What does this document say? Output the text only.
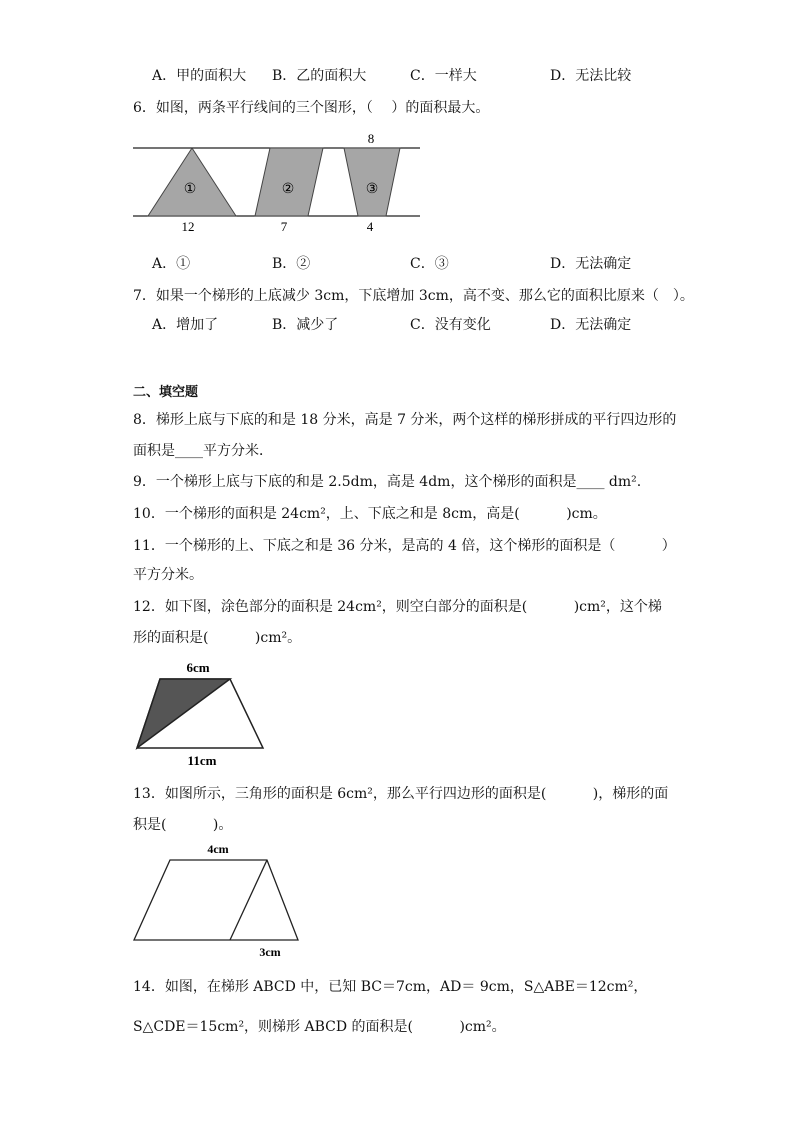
A．甲的面积大 B．乙的面积大	C．一样大	D．无法比较
6．如图，两条平行线间的三个图形，（　 ）的面积最大。
①	②	③
8
12	7	4
A．①	B．②	C．③	D．无法确定
7．如果一个梯形的上底减少 3cm，下底增加 3cm，高不变、那么它的面积比原来（　）。
A．增加了	B．减少了	C．没有变化	D．无法确定
二、填空题
8．梯形上底与下底的和是 18 分米，高是 7 分米，两个这样的梯形拼成的平行四边形的
面积是____平方分米．
9．一个梯形上底与下底的和是 2.5dm，高是 4dm，这个梯形的面积是____ dm².
10．一个梯形的面积是 24cm²，上、下底之和是 8cm，高是(　　　 )cm。
11．一个梯形的上、下底之和是 36 分米，是高的 4 倍，这个梯形的面积是（　　　 ）
平方分米。
12．如下图，涂色部分的面积是 24cm²，则空白部分的面积是(　　　 )cm²，这个梯
形的面积是(　　　 )cm²。
6cm
11cm
13．如图所示，三角形的面积是 6cm²，那么平行四边形的面积是(　　　 )，梯形的面
积是(　　　 )。
4cm
3cm
14．如图，在梯形 ABCD 中，已知 BC＝7cm，AD＝ 9cm，S△ABE＝12cm²，
S△CDE＝15cm²，则梯形 ABCD 的面积是(　　　 )cm²。
